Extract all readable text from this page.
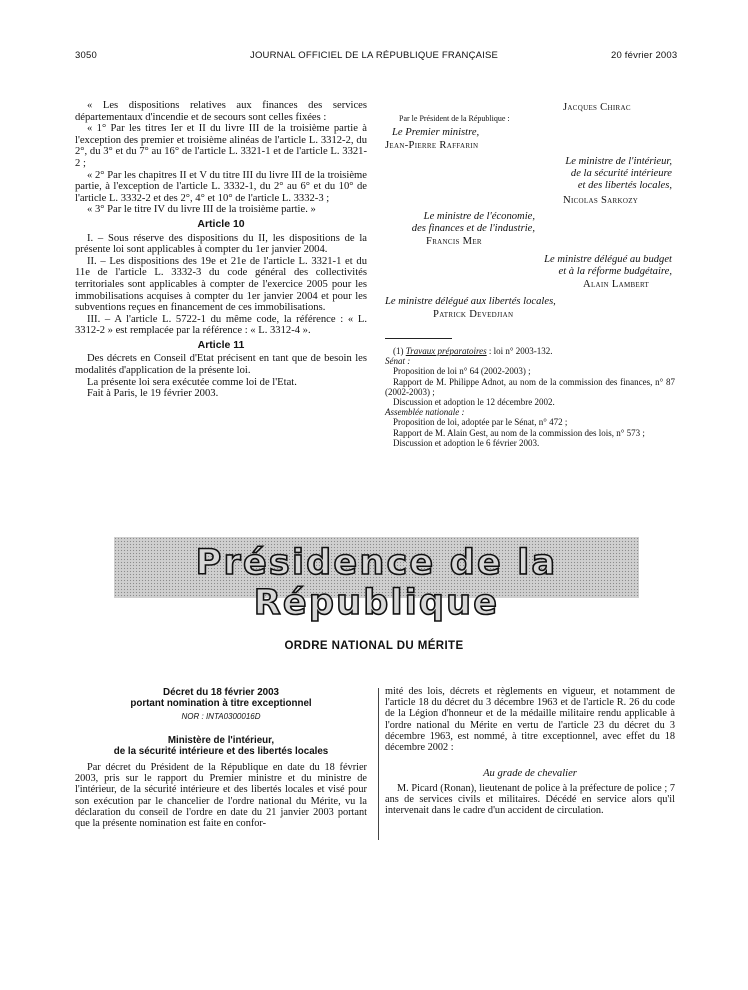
3050	JOURNAL OFFICIEL DE LA RÉPUBLIQUE FRANÇAISE	20 février 2003

« Les dispositions relatives aux finances des services départementaux d'incendie et de secours sont celles fixées :

« 1° Par les titres Ier et II du livre III de la troisième partie à l'exception des premier et troisième alinéas de l'article L. 3312-2, du 2°, du 3° et du 7° au 16° de l'article L. 3321-1 et de l'article L. 3321-2 ;

« 2° Par les chapitres II et V du titre III du livre III de la troisième partie, à l'exception de l'article L. 3332-1, du 2° au 6° et du 10° de l'article L. 3332-2 et des 2°, 4° et 10° de l'article L. 3332-3 ;

« 3° Par le titre IV du livre III de la troisième partie. »

Article 10

I. – Sous réserve des dispositions du II, les dispositions de la présente loi sont applicables à compter du 1er janvier 2004.

II. – Les dispositions des 19e et 21e de l'article L. 3321-1 et du 11e de l'article L. 3332-3 du code général des collectivités territoriales sont applicables à compter de l'exercice 2005 pour les immobilisations acquises à compter du 1er janvier 2004 et pour les subventions reçues en financement de ces immobilisations.

III. – A l'article L. 5722-1 du même code, la référence : « L. 3312-2 » est remplacée par la référence : « L. 3312-4 ».

Article 11

Des décrets en Conseil d'Etat précisent en tant que de besoin les modalités d'application de la présente loi.

La présente loi sera exécutée comme loi de l'Etat.

Fait à Paris, le 19 février 2003.

Jacques Chirac
Par le Président de la République :
Le Premier ministre,
Jean-Pierre Raffarin
Le ministre de l'intérieur,
de la sécurité intérieure
et des libertés locales,
Nicolas Sarkozy
Le ministre de l'économie,
des finances et de l'industrie,
Francis Mer
Le ministre délégué au budget
et à la réforme budgétaire,
Alain Lambert
Le ministre délégué aux libertés locales,
Patrick Devedjian

(1) Travaux préparatoires : loi n° 2003-132.

Sénat :

Proposition de loi n° 64 (2002-2003) ;

Rapport de M. Philippe Adnot, au nom de la commission des finances, n° 87 (2002-2003) ;

Discussion et adoption le 12 décembre 2002.

Assemblée nationale :

Proposition de loi, adoptée par le Sénat, n° 472 ;

Rapport de M. Alain Gest, au nom de la commission des lois, n° 573 ;

Discussion et adoption le 6 février 2003.

Présidence de la République
ORDRE NATIONAL DU MÉRITE
Décret du 18 février 2003
portant nomination à titre exceptionnel
NOR : INTA0300016D
Ministère de l'intérieur,
de la sécurité intérieure et des libertés locales

Par décret du Président de la République en date du 18 février 2003, pris sur le rapport du Premier ministre et du ministre de l'intérieur, de la sécurité intérieure et des libertés locales et visé pour son exécution par le chancelier de l'ordre national du Mérite, vu la déclaration du conseil de l'ordre en date du 21 janvier 2003 portant que la présente nomination est faite en confor-

mité des lois, décrets et règlements en vigueur, et notamment de l'article 18 du décret du 3 décembre 1963 et de l'article R. 26 du code de la Légion d'honneur et de la médaille militaire rendu applicable à l'ordre national du Mérite en vertu de l'article 23 du décret du 3 décembre 1963, est nommé, à titre exceptionnel, avec effet du 18 décembre 2002 :

Au grade de chevalier

M. Picard (Ronan), lieutenant de police à la préfecture de police ; 7 ans de services civils et militaires. Décédé en service alors qu'il intervenait dans le cadre d'un accident de circulation.
